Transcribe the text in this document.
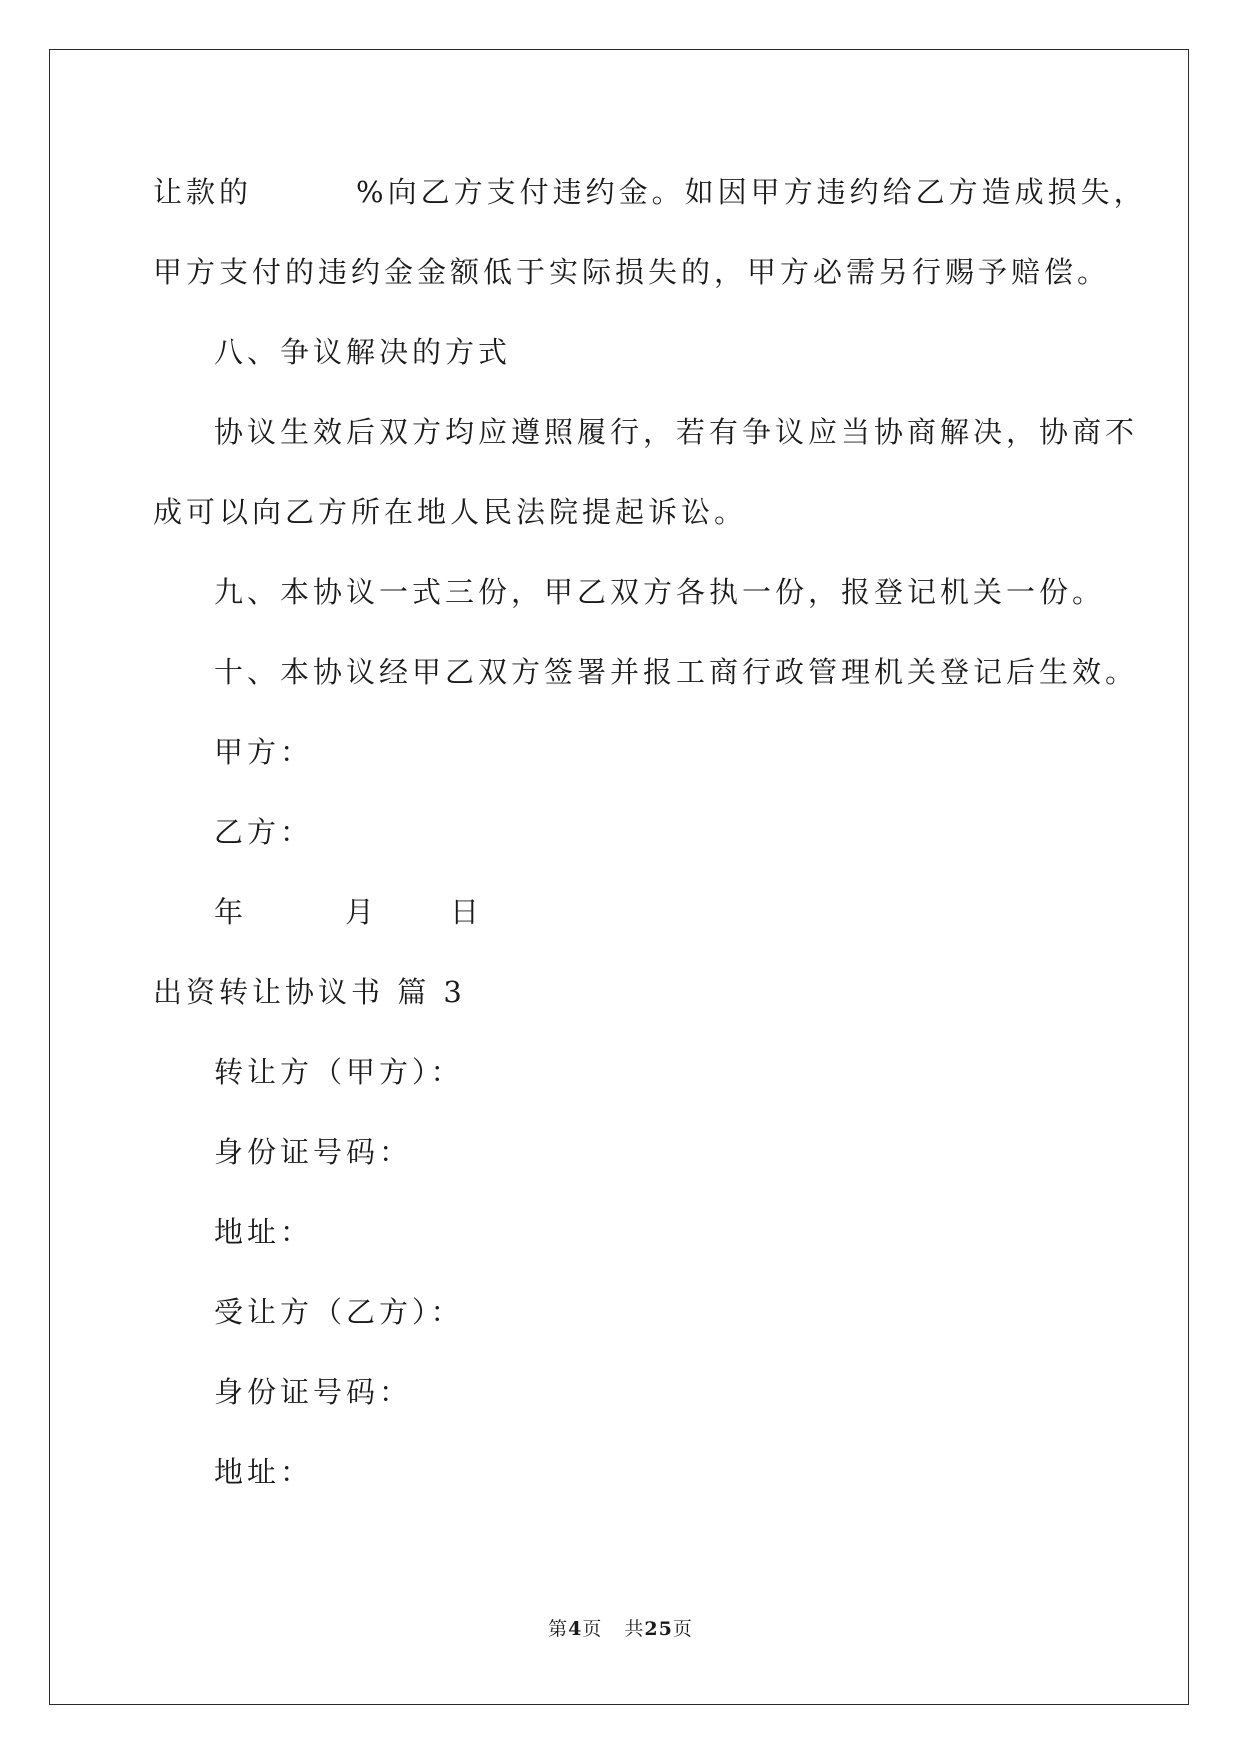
让款的	%向乙方支付违约金。如因甲方违约给乙方造成损失，
甲方支付的违约金金额低于实际损失的，甲方必需另行赐予赔偿。
八、争议解决的方式
协议生效后双方均应遵照履行，若有争议应当协商解决，协商不
成可以向乙方所在地人民法院提起诉讼。
九、本协议一式三份，甲乙双方各执一份，报登记机关一份。
十、本协议经甲乙双方签署并报工商行政管理机关登记后生效。
甲方：
乙方：
年	月 日
出资转让协议书 篇 3
转让方（甲方）：
身份证号码：
地址：
受让方（乙方）：
身份证号码：
地址：
第4页 共25页
